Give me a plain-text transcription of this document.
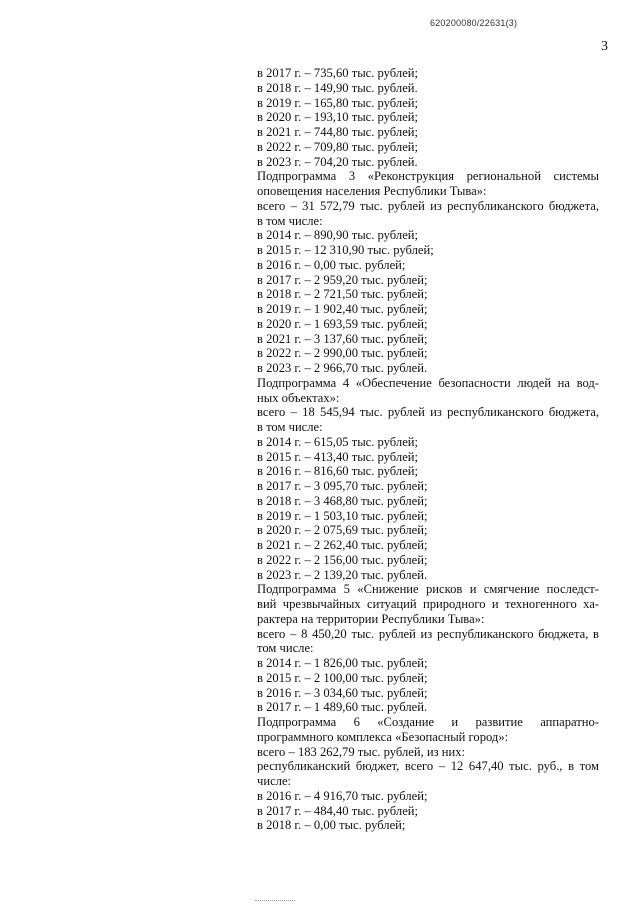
620200080/22631(3)
3
в 2017 г. – 735,60 тыс. рублей;
в 2018 г. – 149,90 тыс. рублей.
в 2019 г. – 165,80 тыс. рублей;
в 2020 г. – 193,10 тыс. рублей;
в 2021 г. – 744,80 тыс. рублей;
в 2022 г. – 709,80 тыс. рублей;
в 2023 г. – 704,20 тыс. рублей.
Подпрограмма 3 «Реконструкция региональной системы
оповещения населения Республики Тыва»:
всего – 31 572,79 тыс. рублей из республиканского бюджета,
в том числе:
в 2014 г. – 890,90 тыс. рублей;
в 2015 г. – 12 310,90 тыс. рублей;
в 2016 г. – 0,00 тыс. рублей;
в 2017 г. – 2 959,20 тыс. рублей;
в 2018 г. – 2 721,50 тыс. рублей;
в 2019 г. – 1 902,40 тыс. рублей;
в 2020 г. – 1 693,59 тыс. рублей;
в 2021 г. – 3 137,60 тыс. рублей;
в 2022 г. – 2 990,00 тыс. рублей;
в 2023 г. – 2 966,70 тыс. рублей.
Подпрограмма 4 «Обеспечение безопасности людей на вод-
ных объектах»:
всего – 18 545,94 тыс. рублей из республиканского бюджета,
в том числе:
в 2014 г. – 615,05 тыс. рублей;
в 2015 г. – 413,40 тыс. рублей;
в 2016 г. – 816,60 тыс. рублей;
в 2017 г. – 3 095,70 тыс. рублей;
в 2018 г. – 3 468,80 тыс. рублей;
в 2019 г. – 1 503,10 тыс. рублей;
в 2020 г. – 2 075,69 тыс. рублей;
в 2021 г. – 2 262,40 тыс. рублей;
в 2022 г. – 2 156,00 тыс. рублей;
в 2023 г. – 2 139,20 тыс. рублей.
Подпрограмма 5 «Снижение рисков и смягчение последст-
вий чрезвычайных ситуаций природного и техногенного ха-
рактера на территории Республики Тыва»:
всего – 8 450,20 тыс. рублей из республиканского бюджета, в
том числе:
в 2014 г. – 1 826,00 тыс. рублей;
в 2015 г. – 2 100,00 тыс. рублей;
в 2016 г. – 3 034,60 тыс. рублей;
в 2017 г. – 1 489,60 тыс. рублей.
Подпрограмма 6 «Создание и развитие аппаратно-
программного комплекса «Безопасный город»:
всего – 183 262,79 тыс. рублей, из них:
республиканский бюджет, всего – 12 647,40 тыс. руб., в том
числе:
в 2016 г. – 4 916,70 тыс. рублей;
в 2017 г. – 484,40 тыс. рублей;
в 2018 г. – 0,00 тыс. рублей;
